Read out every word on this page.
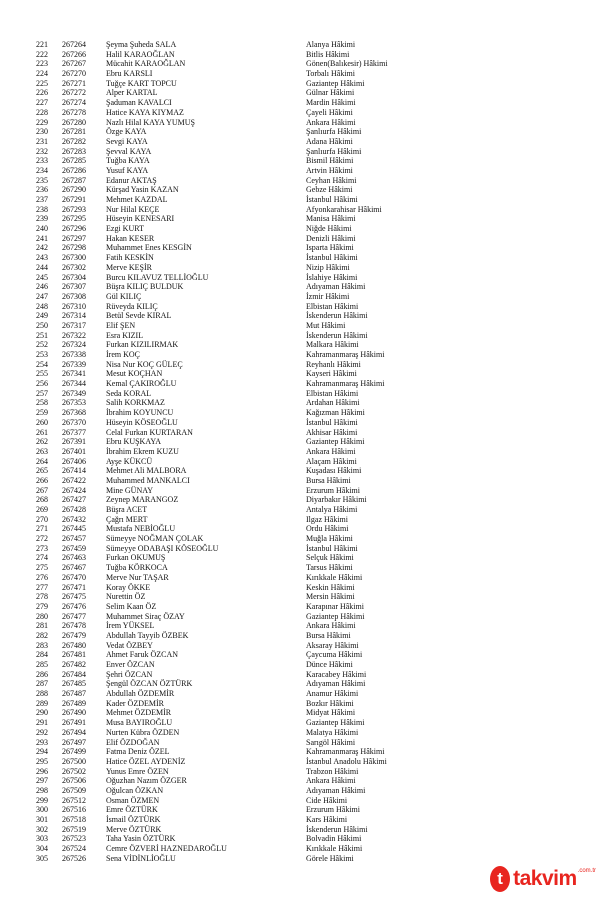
221 267264	Şeyma Şuheda SALA	Alanya Hâkimi
222 267266	Halil KARAOĞLAN	Bitlis Hâkimi
223 267267	Mücahit KARAOĞLAN	Gönen(Balıkesir) Hâkimi
224 267270	Ebru KARSLI	Torbalı Hâkimi
225 267271	Tuğçe KART TOPCU	Gaziantep Hâkimi
226 267272	Alper KARTAL	Gülnar Hâkimi
227 267274	Şaduman KAVALCI	Mardin Hâkimi
228 267278	Hatice KAYA KIYMAZ	Çayeli Hâkimi
229 267280	Nazlı Hilal KAYA YUMUŞ	Ankara Hâkimi
230 267281	Özge KAYA	Şanlıurfa Hâkimi
231 267282	Sevgi KAYA	Adana Hâkimi
232 267283	Şevval KAYA	Şanlıurfa Hâkimi
233 267285	Tuğba KAYA	Bismil Hâkimi
234 267286	Yusuf KAYA	Artvin Hâkimi
235 267287	Edanur AKTAŞ	Ceyhan Hâkimi
236 267290	Kürşad Yasin KAZAN	Gebze Hâkimi
237 267291	Mehmet KAZDAL	İstanbul Hâkimi
238 267293	Nur Hilal KEÇE	Afyonkarahisar Hâkimi
239 267295	Hüseyin KENESARI	Manisa Hâkimi
240 267296	Ezgi KURT	Niğde Hâkimi
241 267297	Hakan KESER	Denizli Hâkimi
242 267298	Muhammet Enes KESGİN	Isparta Hâkimi
243 267300	Fatih KESKİN	İstanbul Hâkimi
244 267302	Merve KEŞİR	Nizip Hâkimi
245 267304	Burcu KILAVUZ TELLİOĞLU	İslahiye Hâkimi
246 267307	Büşra KILIÇ BULDUK	Adıyaman Hâkimi
247 267308	Gül KILIÇ	İzmir Hâkimi
248 267310	Rüveyda KILIÇ	Elbistan Hâkimi
249 267314	Betül Sevde KIRAL	İskenderun Hâkimi
250 267317	Elif ŞEN	Mut Hâkimi
251 267322	Esra KIZIL	İskenderun Hâkimi
252 267324	Furkan KIZILIRMAK	Malkara Hâkimi
253 267338	İrem KOÇ	Kahramanmaraş Hâkimi
254 267339	Nisa Nur KOÇ GÜLEÇ	Reyhanlı Hâkimi
255 267341	Mesut KOÇHAN	Kayseri Hâkimi
256 267344	Kemal ÇAKIROĞLU	Kahramanmaraş Hâkimi
257 267349	Seda KORAL	Elbistan Hâkimi
258 267353	Salih KORKMAZ	Ardahan Hâkimi
259 267368	İbrahim KOYUNCU	Kağızman Hâkimi
260 267370	Hüseyin KÖSEOĞLU	İstanbul Hâkimi
261 267377	Celal Furkan KURTARAN	Akhisar Hâkimi
262 267391	Ebru KUŞKAYA	Gaziantep Hâkimi
263 267401	İbrahim Ekrem KUZU	Ankara Hâkimi
264 267406	Ayşe KÜKCÜ	Alaçam Hâkimi
265 267414	Mehmet Ali MALBORA	Kuşadası Hâkimi
266 267422	Muhammed MANKALCI	Bursa Hâkimi
267 267424	Mine GÜNAY	Erzurum Hâkimi
268 267427	Zeynep MARANGOZ	Diyarbakır Hâkimi
269 267428	Büşra ACET	Antalya Hâkimi
270 267432	Çağrı MERT	Ilgaz Hâkimi
271 267445	Mustafa NEBİOĞLU	Ordu Hâkimi
272 267457	Sümeyye NOĞMAN ÇOLAK	Muğla Hâkimi
273 267459	Sümeyye ODABAŞI KÖSEOĞLU	İstanbul Hâkimi
274 267463	Furkan OKUMUŞ	Selçuk Hâkimi
275 267467	Tuğba KÖRKOCA	Tarsus Hâkimi
276 267470	Merve Nur TAŞAR	Kırıkkale Hâkimi
277 267471	Koray ÖKKE	Keskin Hâkimi
278 267475	Nurettin ÖZ	Mersin Hâkimi
279 267476	Selim Kaan ÖZ	Karapınar Hâkimi
280 267477	Muhammet Siraç ÖZAY	Gaziantep Hâkimi
281 267478	İrem YÜKSEL	Ankara Hâkimi
282 267479	Abdullah Tayyib ÖZBEK	Bursa Hâkimi
283 267480	Vedat ÖZBEY	Aksaray Hâkimi
284 267481	Ahmet Faruk ÖZCAN	Çaycuma Hâkimi
285 267482	Enver ÖZCAN	Dünce Hâkimi
286 267484	Şehri ÖZCAN	Karacabey Hâkimi
287 267485	Şengül ÖZCAN ÖZTÜRK	Adıyaman Hâkimi
288 267487	Abdullah ÖZDEMİR	Anamur Hâkimi
289 267489	Kader ÖZDEMİR	Bozkır Hâkimi
290 267490	Mehmet ÖZDEMİR	Midyat Hâkimi
291 267491	Musa BAYIROĞLU	Gaziantep Hâkimi
292 267494	Nurten Kübra ÖZDEN	Malatya Hâkimi
293 267497	Elif ÖZDOĞAN	Sarıgöl Hâkimi
294 267499	Fatma Deniz ÖZEL	Kahramanmaraş Hâkimi
295 267500	Hatice ÖZEL AYDENİZ	İstanbul Anadolu Hâkimi
296 267502	Yunus Emre ÖZEN	Trabzon Hâkimi
297 267506	Oğuzhan Nazım ÖZGER	Ankara Hâkimi
298 267509	Oğulcan ÖZKAN	Adıyaman Hâkimi
299 267512	Osman ÖZMEN	Cide Hâkimi
300 267516	Emre ÖZTÜRK	Erzurum Hâkimi
301 267518	İsmail ÖZTÜRK	Kars Hâkimi
302 267519	Merve ÖZTÜRK	İskenderun Hâkimi
303 267523	Taha Yasin ÖZTÜRK	Bolvadin Hâkimi
304 267524	Cemre ÖZVERİ HAZNEDAROĞLU	Kırıkkale Hâkimi
305 267526	Sena VİDİNLİOĞLU	Görele Hâkimi
t takvim .com.tr
